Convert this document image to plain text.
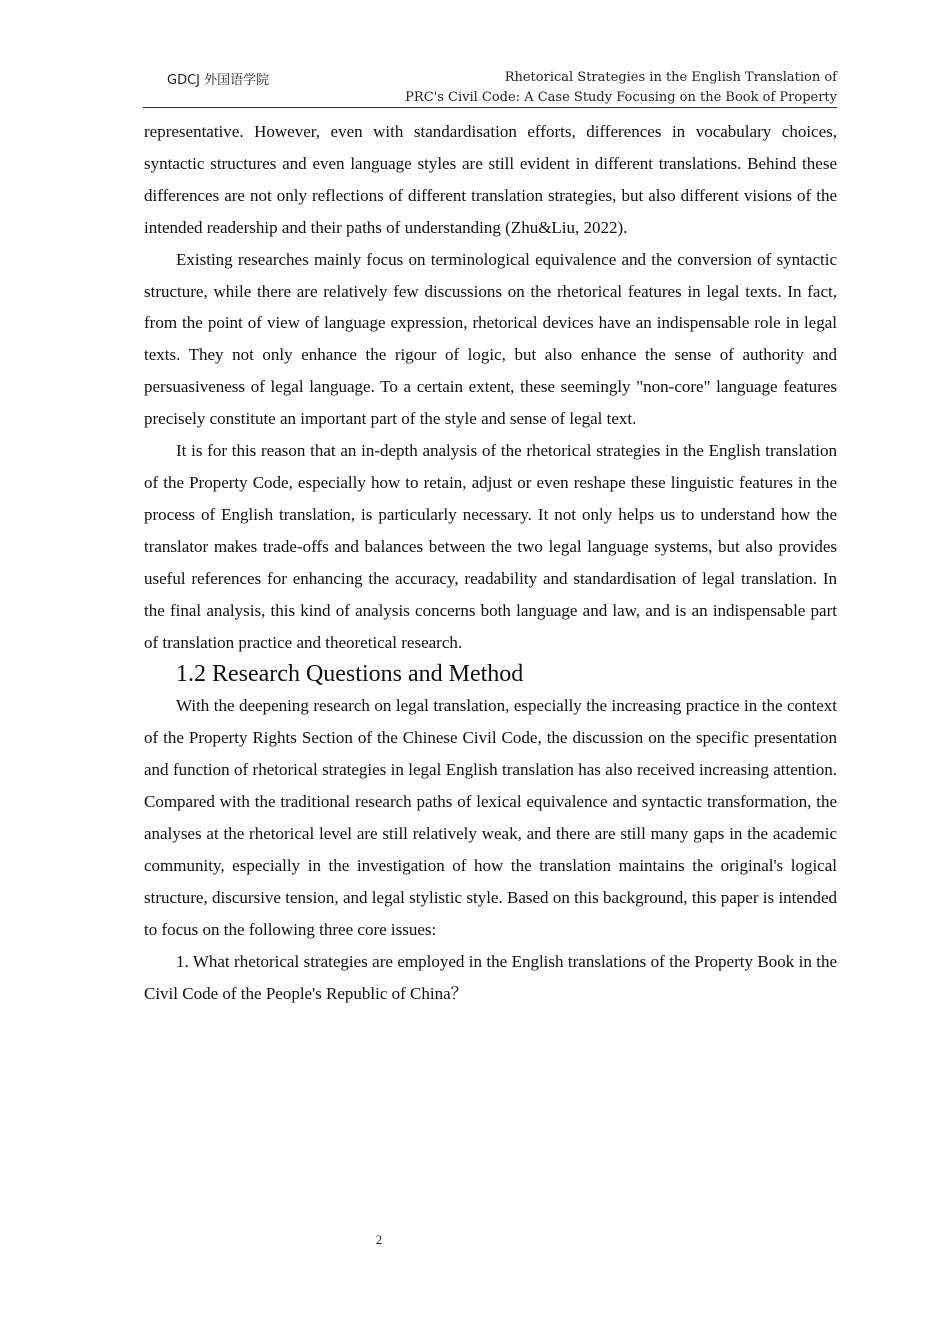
GDCJ 外国语学院	Rhetorical Strategies in the English Translation of
PRC's Civil Code: A Case Study Focusing on the Book of Property

representative. However, even with standardisation efforts, differences in vocabulary choices, syntactic structures and even language styles are still evident in different translations. Behind these differences are not only reflections of different translation strategies, but also different visions of the intended readership and their paths of understanding (Zhu&Liu, 2022).

Existing researches mainly focus on terminological equivalence and the conversion of syntactic structure, while there are relatively few discussions on the rhetorical features in legal texts. In fact, from the point of view of language expression, rhetorical devices have an indispensable role in legal texts. They not only enhance the rigour of logic, but also enhance the sense of authority and persuasiveness of legal language. To a certain extent, these seemingly "non-core" language features precisely constitute an important part of the style and sense of legal text.

It is for this reason that an in-depth analysis of the rhetorical strategies in the English translation of the Property Code, especially how to retain, adjust or even reshape these linguistic features in the process of English translation, is particularly necessary. It not only helps us to understand how the translator makes trade-offs and balances between the two legal language systems, but also provides useful references for enhancing the accuracy, readability and standardisation of legal translation. In the final analysis, this kind of analysis concerns both language and law, and is an indispensable part of translation practice and theoretical research.

1.2 Research Questions and Method

With the deepening research on legal translation, especially the increasing practice in the context of the Property Rights Section of the Chinese Civil Code, the discussion on the specific presentation and function of rhetorical strategies in legal English translation has also received increasing attention. Compared with the traditional research paths of lexical equivalence and syntactic transformation, the analyses at the rhetorical level are still relatively weak, and there are still many gaps in the academic community, especially in the investigation of how the translation maintains the original's logical structure, discursive tension, and legal stylistic style. Based on this background, this paper is intended to focus on the following three core issues:

1. What rhetorical strategies are employed in the English translations of the Property Book in the Civil Code of the People's Republic of China？

2
